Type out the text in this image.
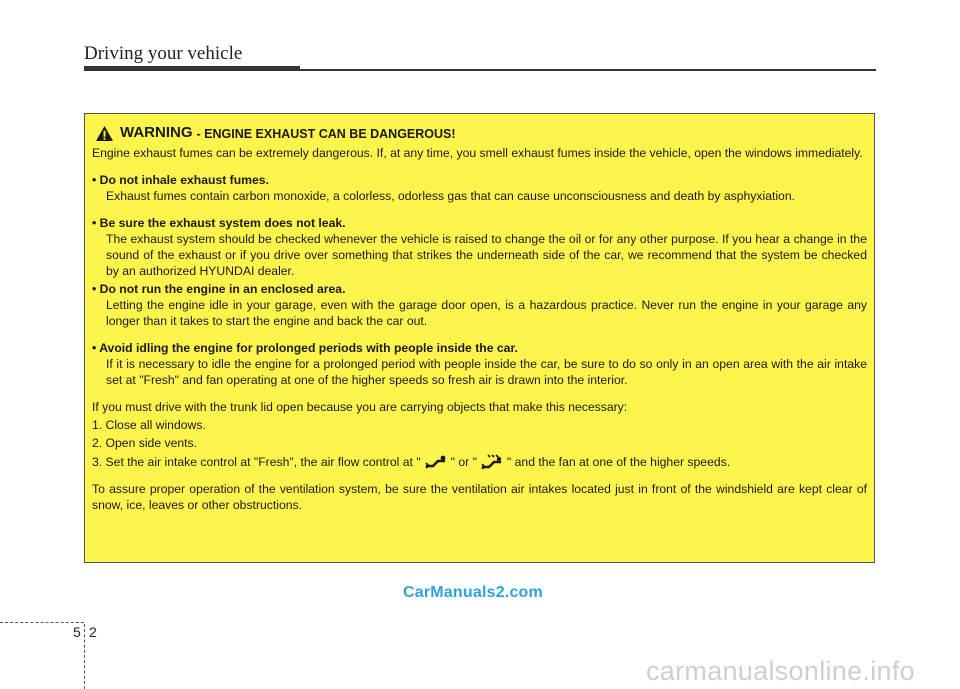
Driving your vehicle
WARNING - ENGINE EXHAUST CAN BE DANGEROUS!

Engine exhaust fumes can be extremely dangerous. If, at any time, you smell exhaust fumes inside the vehicle, open the windows immediately.

• Do not inhale exhaust fumes.
Exhaust fumes contain carbon monoxide, a colorless, odorless gas that can cause unconsciousness and death by asphyxiation.
• Be sure the exhaust system does not leak.
The exhaust system should be checked whenever the vehicle is raised to change the oil or for any other purpose. If you hear a change in the sound of the exhaust or if you drive over something that strikes the underneath side of the car, we recommend that the system be checked by an authorized HYUNDAI dealer.
• Do not run the engine in an enclosed area.
Letting the engine idle in your garage, even with the garage door open, is a hazardous practice. Never run the engine in your garage any longer than it takes to start the engine and back the car out.
• Avoid idling the engine for prolonged periods with people inside the car.
If it is necessary to idle the engine for a prolonged period with people inside the car, be sure to do so only in an open area with the air intake set at "Fresh" and fan operating at one of the higher speeds so fresh air is drawn into the interior.

If you must drive with the trunk lid open because you are carrying objects that make this necessary:

1. Close all windows.

2. Open side vents.

3. Set the air intake control at "Fresh", the air flow control at " " or " " and the fan at one of the higher speeds.

To assure proper operation of the ventilation system, be sure the ventilation air intakes located just in front of the windshield are kept clear of snow, ice, leaves or other obstructions.

CarManuals2.com
5 2
carmanualsonline.info
